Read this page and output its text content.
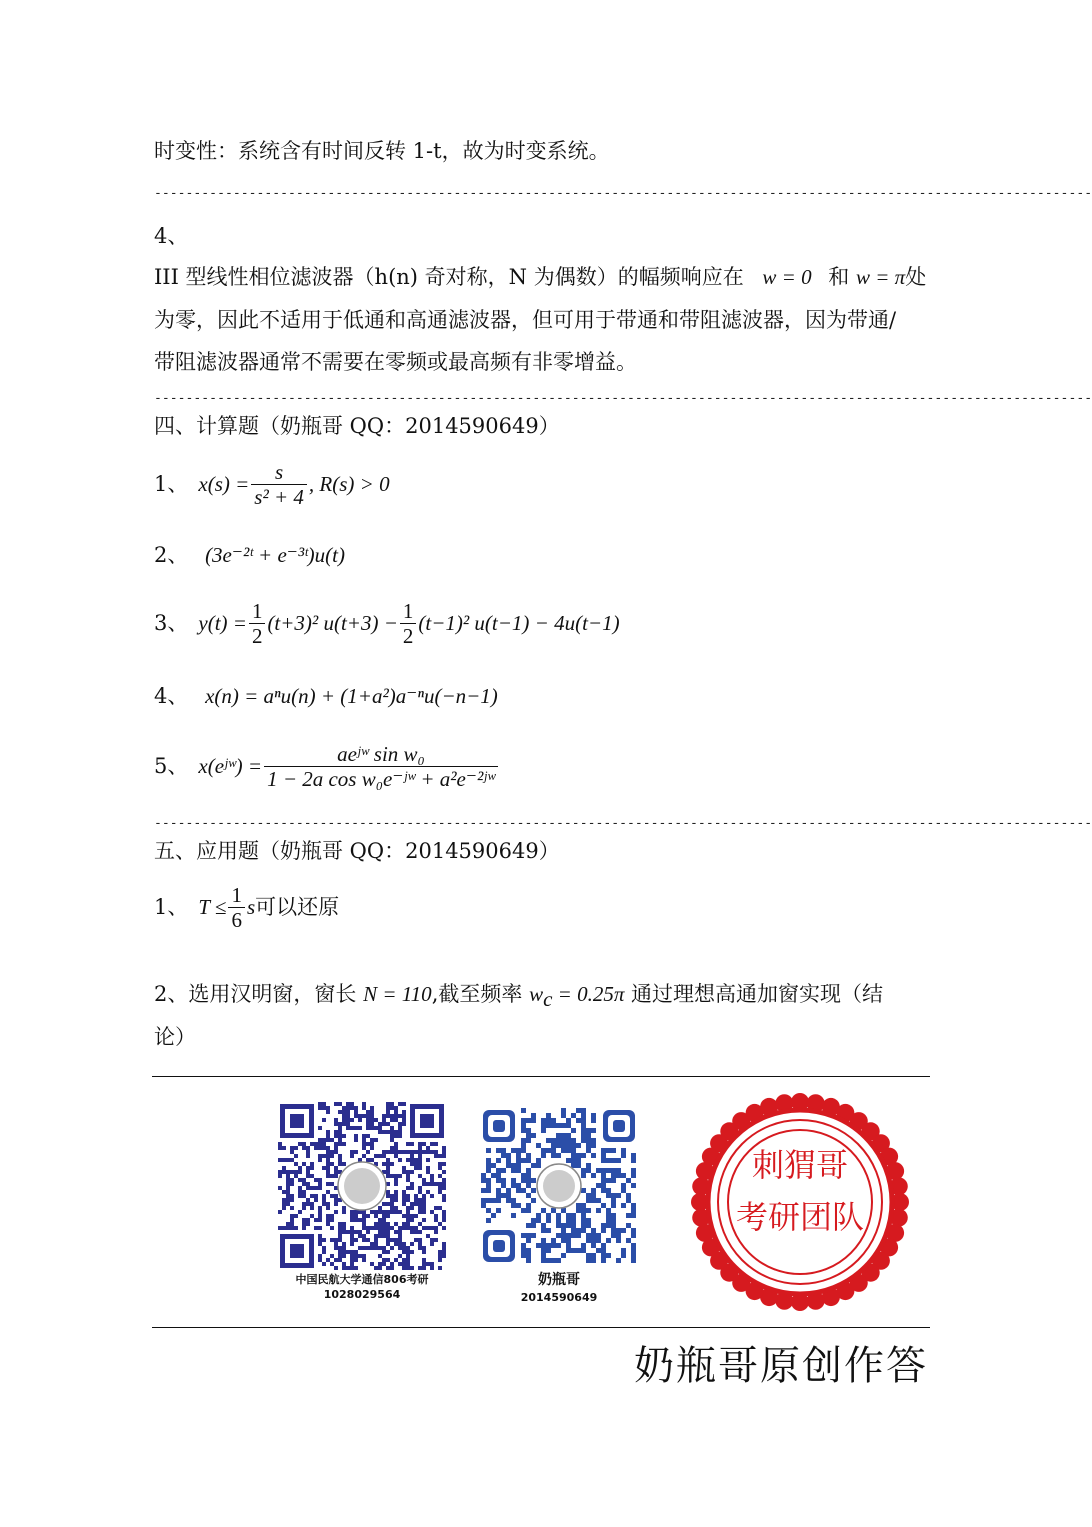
时变性：系统含有时间反转 1-t，故为时变系统。
-----------------------------------------------------------------------------------------------------------------------
4、
III 型线性相位滤波器（h(n) 奇对称，N 为偶数）的幅频响应在 w = 0 和 w = π处
为零，因此不适用于低通和高通滤波器，但可用于带通和带阻滤波器，因为带通/
带阻滤波器通常不需要在零频或最高频有非零增益。
-----------------------------------------------------------------------------------------------------------------------
四、计算题（奶瓶哥 QQ：2014590649）
1、 $x(s) = \frac{s}{\text{s² + 4}}$ , R(s) > 0
2、 (3e⁻²ᵗ + e⁻³ᵗ)u(t)
3、 $y(t) = \frac{1}{2} (t+3)^2$ $u(t+3) - \frac{1}{2} (t-1)^2$ u(t−1) − 4u(t−1)
4、 x(n) = aⁿu(n) + (1+a²)a⁻ⁿu(−n−1)
5、 x(eʲʷ) = $\frac{\text{aeʲʷ sin w₀}}{\text{1 − 2a cos w₀e⁻ʲʷ + a²e⁻²ʲʷ}}$
-----------------------------------------------------------------------------------------------------------------------
五、应用题（奶瓶哥 QQ：2014590649）
1、 $T \le \frac{1}{6}$ s 可以还原
2、选用汉明窗，窗长 N = 110,截至频率 $w_c = 0.25\pi$ 通过理想高通加窗实现（结
论）
中国民航大学通信806考研
1028029564
奶瓶哥
2014590649
刺猬哥
考研团队
奶瓶哥原创作答
